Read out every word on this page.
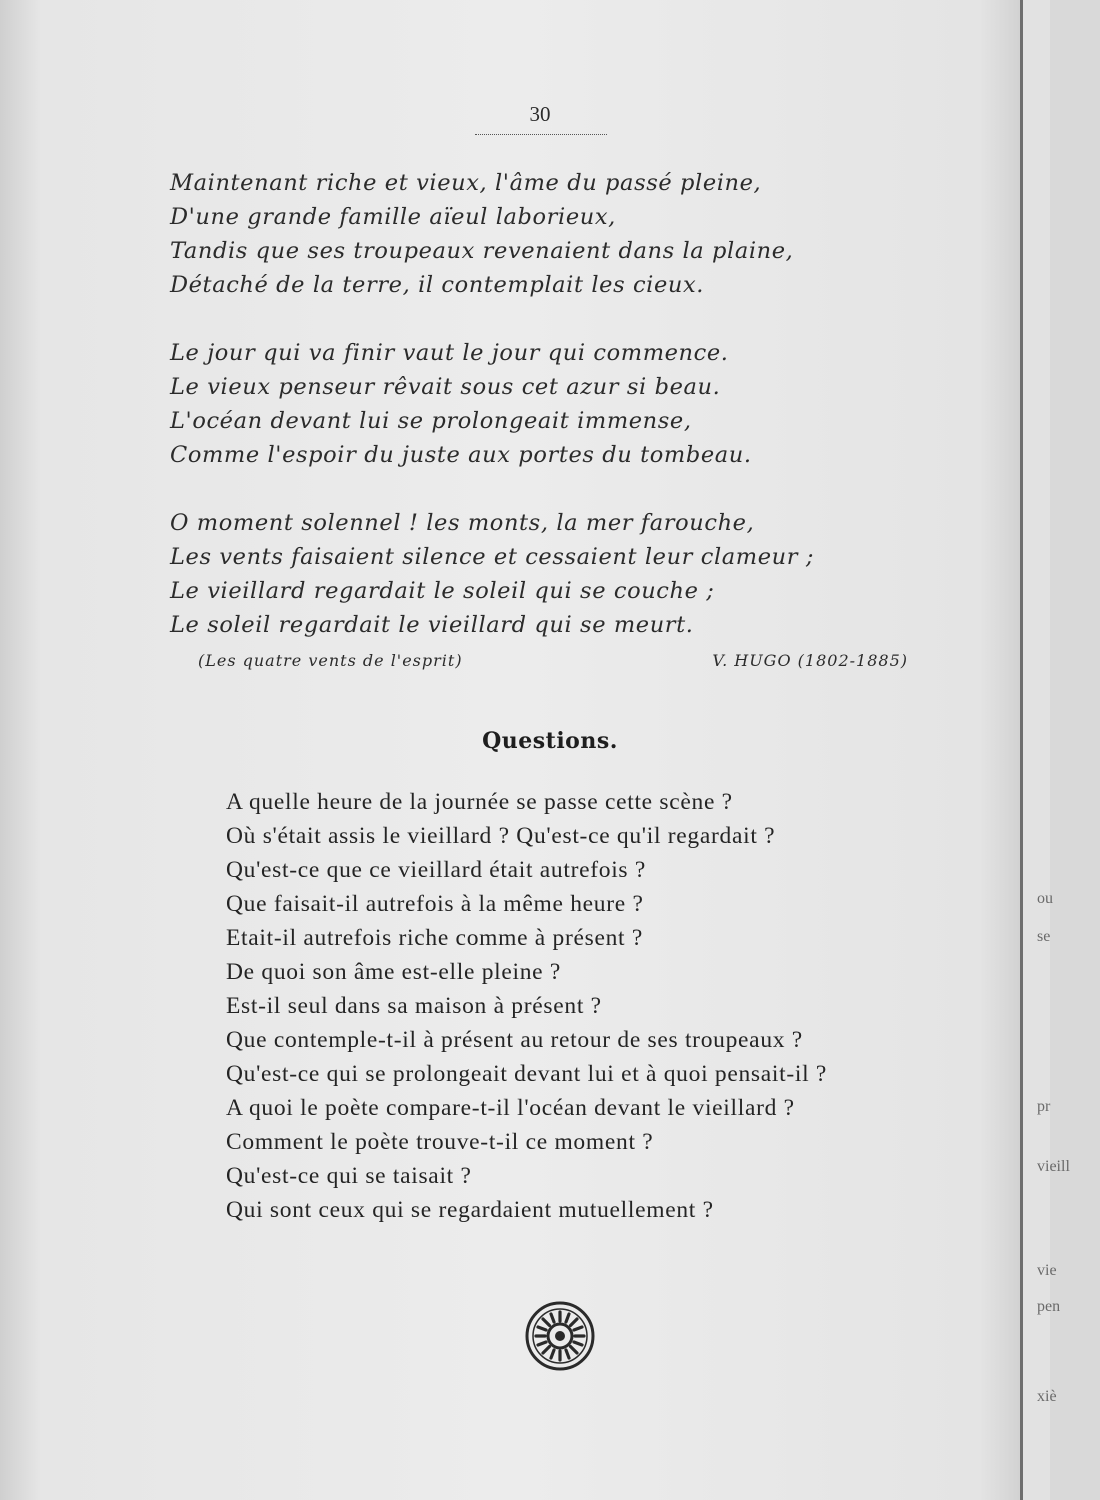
30
Maintenant riche et vieux, l'âme du passé pleine,
D'une grande famille aïeul laborieux,
Tandis que ses troupeaux revenaient dans la plaine,
Détaché de la terre, il contemplait les cieux.
Le jour qui va finir vaut le jour qui commence.
Le vieux penseur rêvait sous cet azur si beau.
L'océan devant lui se prolongeait immense,
Comme l'espoir du juste aux portes du tombeau.
O moment solennel ! les monts, la mer farouche,
Les vents faisaient silence et cessaient leur clameur ;
Le vieillard regardait le soleil qui se couche ;
Le soleil regardait le vieillard qui se meurt.
(Les quatre vents de l'esprit)	V. HUGO (1802-1885)
Questions.
A quelle heure de la journée se passe cette scène ?
Où s'était assis le vieillard ? Qu'est-ce qu'il regardait ?
Qu'est-ce que ce vieillard était autrefois ?
Que faisait-il autrefois à la même heure ?
Etait-il autrefois riche comme à présent ?
De quoi son âme est-elle pleine ?
Est-il seul dans sa maison à présent ?
Que contemple-t-il à présent au retour de ses troupeaux ?
Qu'est-ce qui se prolongeait devant lui et à quoi pensait-il ?
A quoi le poète compare-t-il l'océan devant le vieillard ?
Comment le poète trouve-t-il ce moment ?
Qu'est-ce qui se taisait ?
Qui sont ceux qui se regardaient mutuellement ?
ou
se
pr
vieill
vie
pen
xiè
